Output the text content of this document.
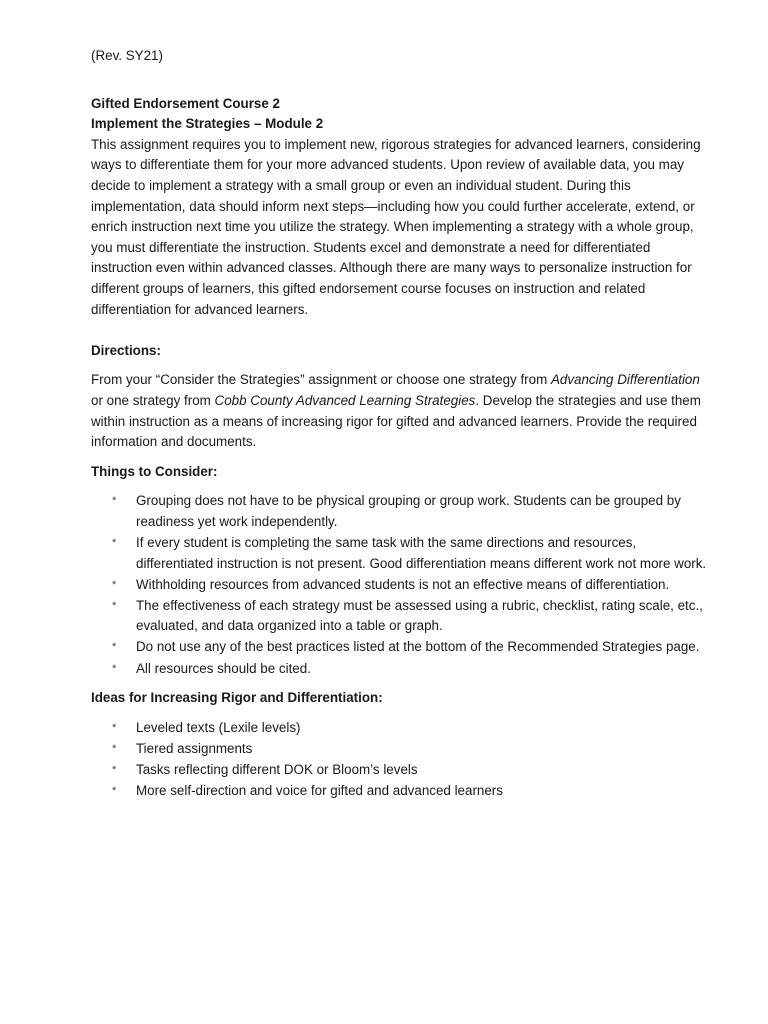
(Rev. SY21)

Gifted Endorsement Course 2

Implement the Strategies – Module 2

This assignment requires you to implement new, rigorous strategies for advanced learners, considering ways to differentiate them for your more advanced students. Upon review of available data, you may decide to implement a strategy with a small group or even an individual student. During this implementation, data should inform next steps—including how you could further accelerate, extend, or enrich instruction next time you utilize the strategy. When implementing a strategy with a whole group, you must differentiate the instruction. Students excel and demonstrate a need for differentiated instruction even within advanced classes. Although there are many ways to personalize instruction for different groups of learners, this gifted endorsement course focuses on instruction and related differentiation for advanced learners.

Directions:

From your “Consider the Strategies” assignment or choose one strategy from Advancing Differentiation or one strategy from Cobb County Advanced Learning Strategies. Develop the strategies and use them within instruction as a means of increasing rigor for gifted and advanced learners. Provide the required information and documents.

Things to Consider:

* Grouping does not have to be physical grouping or group work. Students can be grouped by readiness yet work independently.
* If every student is completing the same task with the same directions and resources, differentiated instruction is not present. Good differentiation means different work not more work.
* Withholding resources from advanced students is not an effective means of differentiation.
* The effectiveness of each strategy must be assessed using a rubric, checklist, rating scale, etc., evaluated, and data organized into a table or graph.
* Do not use any of the best practices listed at the bottom of the Recommended Strategies page.
* All resources should be cited.

Ideas for Increasing Rigor and Differentiation:

* Leveled texts (Lexile levels)
* Tiered assignments
* Tasks reflecting different DOK or Bloom’s levels
* More self-direction and voice for gifted and advanced learners
